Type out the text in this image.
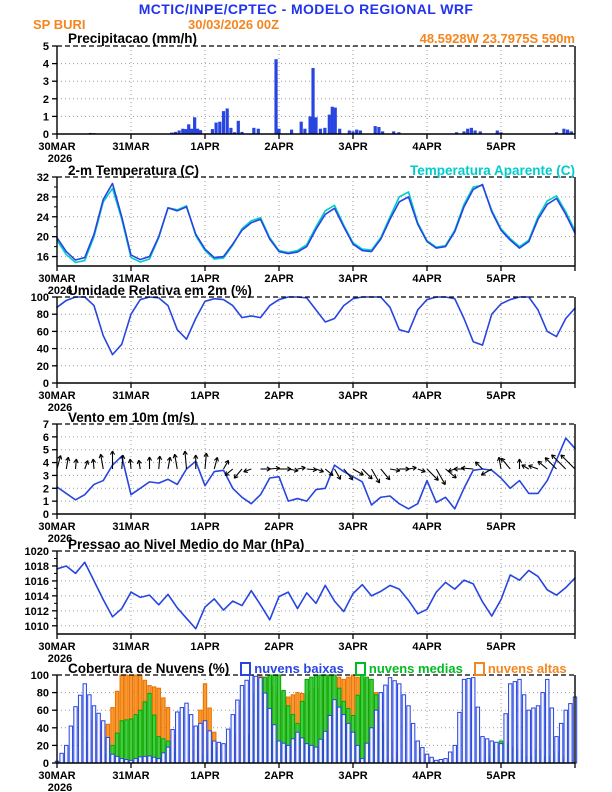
MCTIC/INPE/CPTEC - MODELO REGIONAL WRF
SP BURI	30/03/2026 00Z
48.5928W 23.7975S 590m
0
1
2
3
4
5
30MAR	31MAR	1APR	2APR	3APR	4APR	5APR
2026
16
20
24
28
32
30MAR	31MAR	1APR	2APR	3APR	4APR	5APR
2026
0
20
40
60
80
100
30MAR	31MAR	1APR	2APR	3APR	4APR	5APR
2026
0
1
2
3
4
5
6
7
30MAR	31MAR	1APR	2APR	3APR	4APR	5APR
2026
1010
1012
1014
1016
1018
1020
30MAR	31MAR	1APR	2APR	3APR	4APR	5APR
2026
0
20
40
60
80
100
30MAR	31MAR	1APR	2APR	3APR	4APR	5APR
2026
Precipitacao (mm/h)
2-m Temperatura (C)	Temperatura Aparente (C)
Umidade Relativa em 2m (%)
Vento em 10m (m/s)
Pressao ao Nivel Medio do Mar (hPa)
Cobertura de Nuvens (%) nuvens baixas nuvens medias nuvens altas
